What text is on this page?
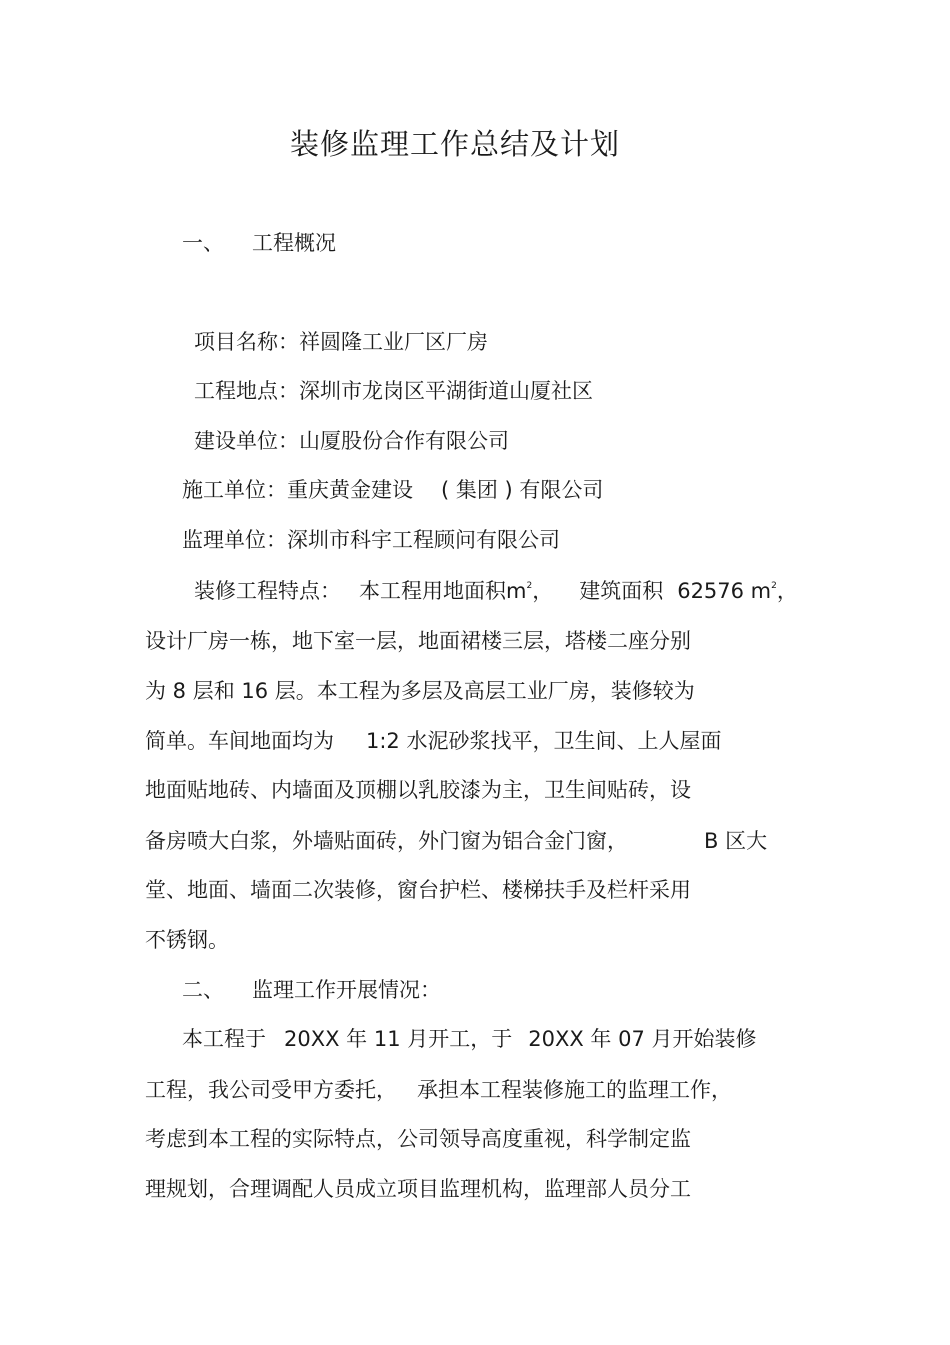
装修监理工作总结及计划
一、 工程概况
项目名称：祥圆隆工业厂区厂房
工程地点：深圳市龙岗区平湖街道山厦社区
建设单位：山厦股份合作有限公司
施工单位：重庆黄金建设 ( 集团 ) 有限公司
监理单位：深圳市科宇工程顾问有限公司
装修工程特点： 本工程用地面积$m^2$， 建筑面积 62576 $m^2$，
设计厂房一栋，地下室一层，地面裙楼三层，塔楼二座分别
为 8 层和 16 层。本工程为多层及高层工业厂房，装修较为
简单。车间地面均为 1:2 水泥砂浆找平，卫生间、上人屋面
地面贴地砖、内墙面及顶棚以乳胶漆为主，卫生间贴砖，设
备房喷大白浆，外墙贴面砖，外门窗为铝合金门窗，	B 区大
堂、地面、墙面二次装修，窗台护栏、楼梯扶手及栏杆采用
不锈钢。
二、 监理工作开展情况：
本工程于 20XX 年 11 月开工，于 20XX 年 07 月开始装修
工程，我公司受甲方委托， 承担本工程装修施工的监理工作，
考虑到本工程的实际特点，公司领导高度重视，科学制定监
理规划，合理调配人员成立项目监理机构，监理部人员分工
